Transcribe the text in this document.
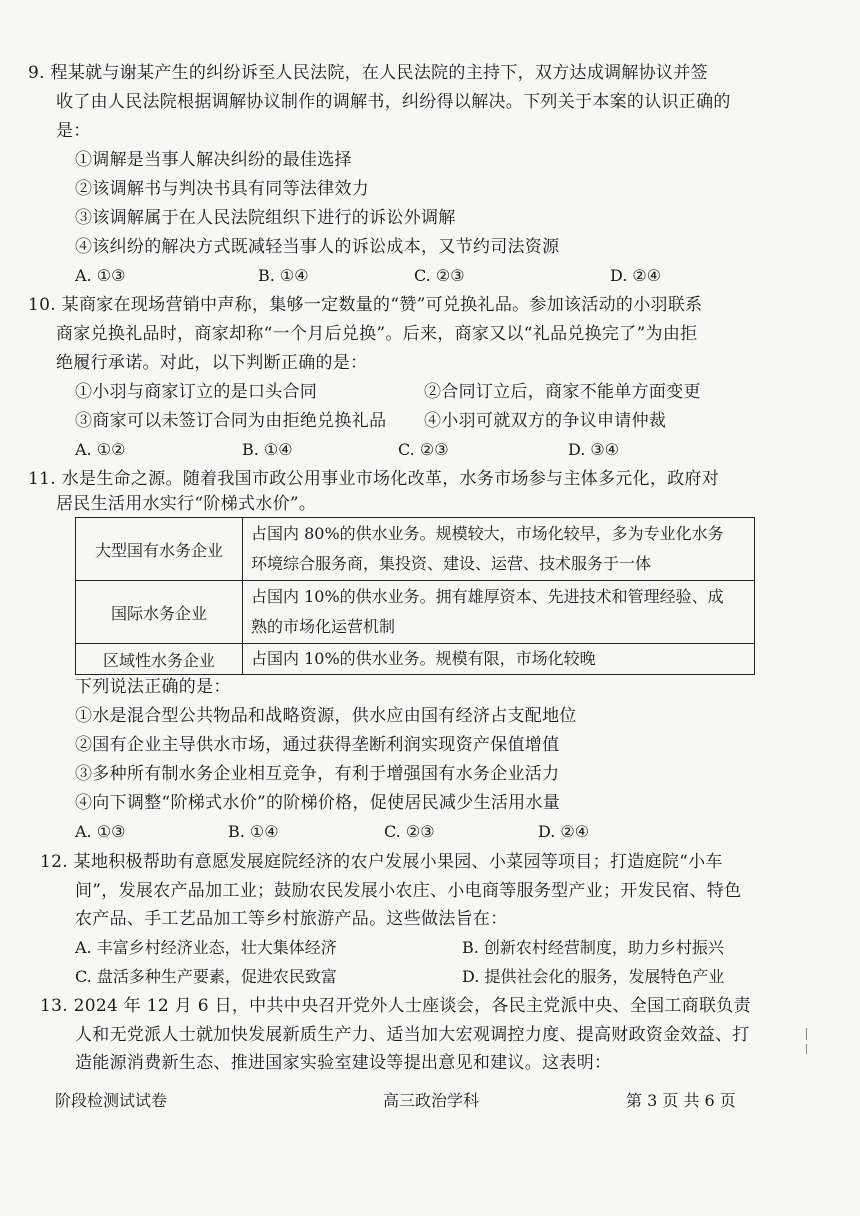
9. 程某就与谢某产生的纠纷诉至人民法院，在人民法院的主持下，双方达成调解协议并签
收了由人民法院根据调解协议制作的调解书，纠纷得以解决。下列关于本案的认识正确的
是：
①调解是当事人解决纠纷的最佳选择
②该调解书与判决书具有同等法律效力
③该调解属于在人民法院组织下进行的诉讼外调解
④该纠纷的解决方式既减轻当事人的诉讼成本，又节约司法资源
A. ①③	B. ①④	C. ②③	D. ②④
10. 某商家在现场营销中声称，集够一定数量的“赞”可兑换礼品。参加该活动的小羽联系
商家兑换礼品时，商家却称“一个月后兑换”。后来，商家又以“礼品兑换完了”为由拒
绝履行承诺。对此，以下判断正确的是：
①小羽与商家订立的是口头合同	②合同订立后，商家不能单方面变更
③商家可以未签订合同为由拒绝兑换礼品 ④小羽可就双方的争议申请仲裁
A. ①②	B. ①④	C. ②③	D. ③④
11. 水是生命之源。随着我国市政公用事业市场化改革，水务市场参与主体多元化，政府对
居民生活用水实行“阶梯式水价”。
大型国有水务企业	占国内 80%的供水业务。规模较大，市场化较早，多为专业化水务
环境综合服务商，集投资、建设、运营、技术服务于一体

国际水务企业	占国内 10%的供水业务。拥有雄厚资本、先进技术和管理经验、成
熟的市场化运营机制

区域性水务企业	占国内 10%的供水业务。规模有限，市场化较晚
下列说法正确的是：
①水是混合型公共物品和战略资源，供水应由国有经济占支配地位
②国有企业主导供水市场，通过获得垄断利润实现资产保值增值
③多种所有制水务企业相互竞争，有利于增强国有水务企业活力
④向下调整“阶梯式水价”的阶梯价格，促使居民减少生活用水量
A. ①③	B. ①④	C. ②③	D. ②④
12. 某地积极帮助有意愿发展庭院经济的农户发展小果园、小菜园等项目；打造庭院“小车
间”，发展农产品加工业；鼓励农民发展小农庄、小电商等服务型产业；开发民宿、特色
农产品、手工艺品加工等乡村旅游产品。这些做法旨在：
A. 丰富乡村经济业态，壮大集体经济	B. 创新农村经营制度，助力乡村振兴
C. 盘活多种生产要素，促进农民致富	D. 提供社会化的服务，发展特色产业
13. 2024 年 12 月 6 日，中共中央召开党外人士座谈会，各民主党派中央、全国工商联负责
人和无党派人士就加快发展新质生产力、适当加大宏观调控力度、提高财政资金效益、打
造能源消费新生态、推进国家实验室建设等提出意见和建议。这表明：
阶段检测试试卷	高三政治学科	第 3 页 共 6 页
